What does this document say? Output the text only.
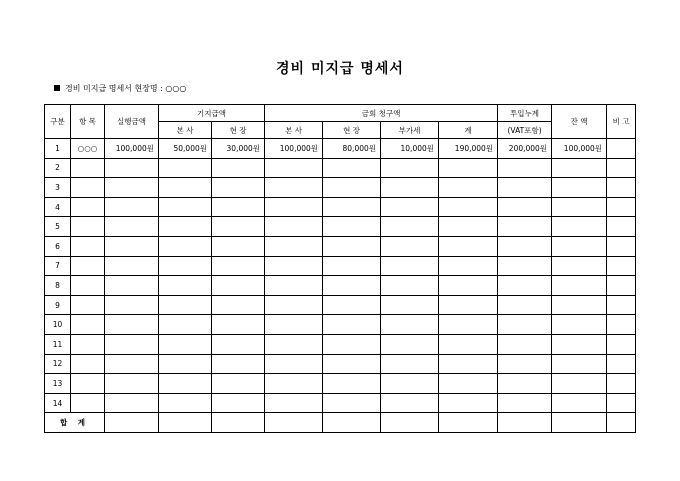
경비 미지급 명세서
경비 미지급 명세서 현장명 : ○○○
구분	항 목	실행금액	기지급액		금회 청구액				투입누계	잔 액	비 고
			본 사	현 장	본 사	현 장	부가세	계	(VAT포함)		
1	○○○	100,000원	50,000원	30,000원	100,000원	80,000원	10,000원	190,000원	200,000원	100,000원	
2											
3											
4											
5											
6											
7											
8											
9											
10											
11											
12											
13											
14											
합 계											
